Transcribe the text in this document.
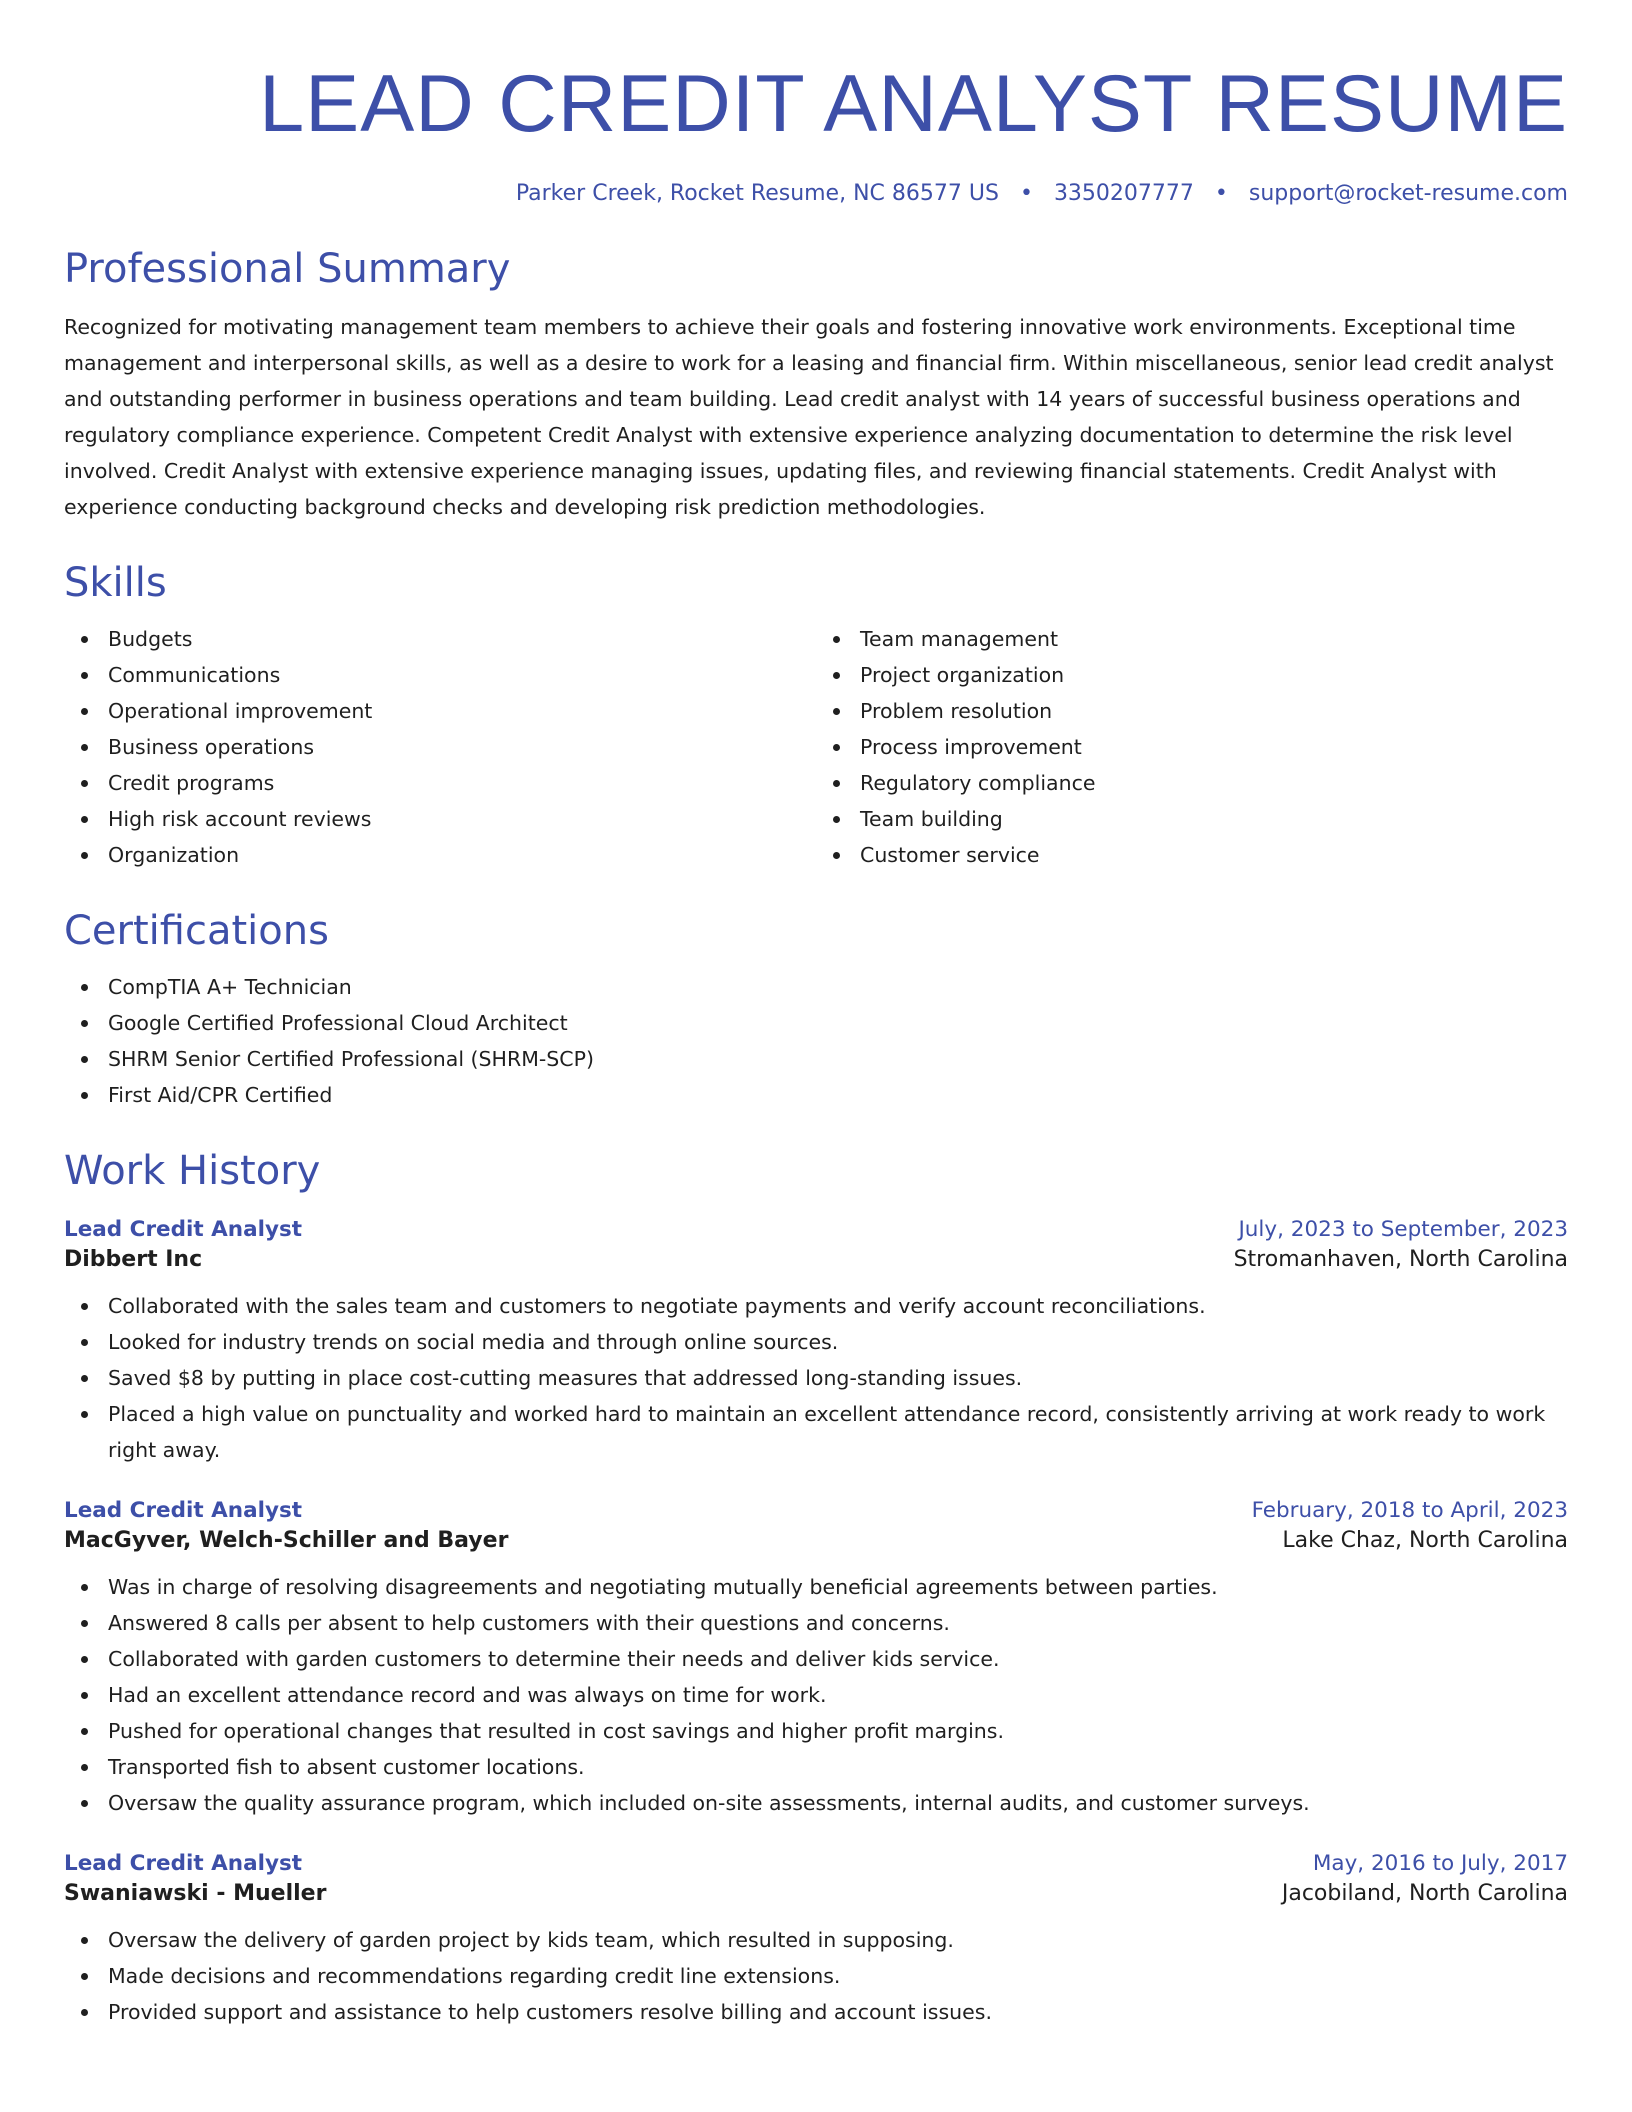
LEAD CREDIT ANALYST RESUME
Parker Creek, Rocket Resume, NC 86577 US • 3350207777 • support@rocket-resume.com
Professional Summary

Recognized for motivating management team members to achieve their goals and fostering innovative work environments. Exceptional time management and interpersonal skills, as well as a desire to work for a leasing and financial firm. Within miscellaneous, senior lead credit analyst and outstanding performer in business operations and team building. Lead credit analyst with 14 years of successful business operations and regulatory compliance experience. Competent Credit Analyst with extensive experience analyzing documentation to determine the risk level involved. Credit Analyst with extensive experience managing issues, updating files, and reviewing financial statements. Credit Analyst with experience conducting background checks and developing risk prediction methodologies.

Skills
Budgets
Communications
Operational improvement
Business operations
Credit programs
High risk account reviews
Organization
Team management
Project organization
Problem resolution
Process improvement
Regulatory compliance
Team building
Customer service
Certifications
CompTIA A+ Technician
Google Certified Professional Cloud Architect
SHRM Senior Certified Professional (SHRM-SCP)
First Aid/CPR Certified
Work History
Lead Credit Analyst	July, 2023 to September, 2023
Dibbert Inc	Stromanhaven, North Carolina
Collaborated with the sales team and customers to negotiate payments and verify account reconciliations.
Looked for industry trends on social media and through online sources.
Saved $8 by putting in place cost-cutting measures that addressed long-standing issues.
Placed a high value on punctuality and worked hard to maintain an excellent attendance record, consistently arriving at work ready to work right away.
Lead Credit Analyst	February, 2018 to April, 2023
MacGyver, Welch-Schiller and Bayer	Lake Chaz, North Carolina
Was in charge of resolving disagreements and negotiating mutually beneficial agreements between parties.
Answered 8 calls per absent to help customers with their questions and concerns.
Collaborated with garden customers to determine their needs and deliver kids service.
Had an excellent attendance record and was always on time for work.
Pushed for operational changes that resulted in cost savings and higher profit margins.
Transported fish to absent customer locations.
Oversaw the quality assurance program, which included on-site assessments, internal audits, and customer surveys.
Lead Credit Analyst	May, 2016 to July, 2017
Swaniawski - Mueller	Jacobiland, North Carolina
Oversaw the delivery of garden project by kids team, which resulted in supposing.
Made decisions and recommendations regarding credit line extensions.
Provided support and assistance to help customers resolve billing and account issues.
